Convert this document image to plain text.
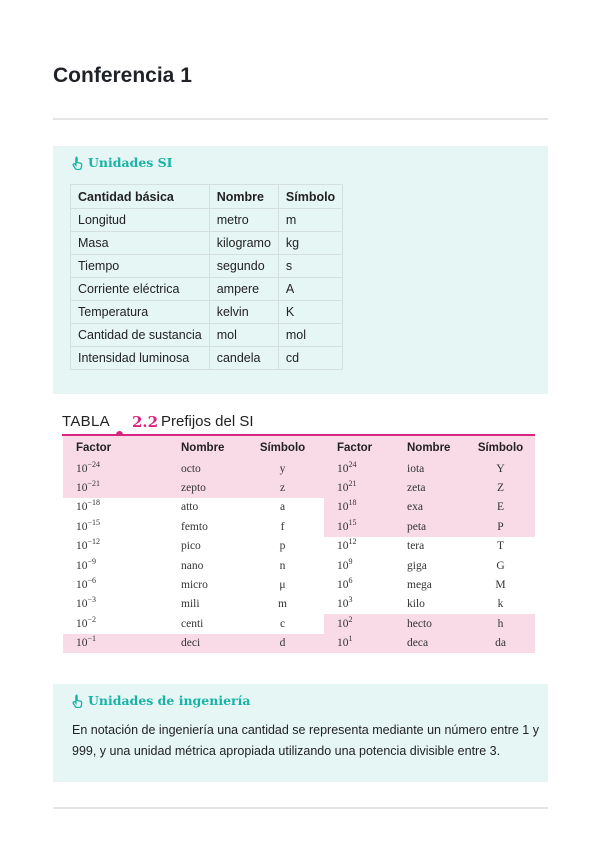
Conferencia 1
Unidades SI
Cantidad básica	Nombre	Símbolo
Longitud	metro	m
Masa	kilogramo	kg
Tiempo	segundo	s
Corriente eléctrica	ampere	A
Temperatura	kelvin	K
Cantidad de sustancia	mol	mol
Intensidad luminosa	candela	cd
TABLA 2.2 Prefijos del SI
Factor	Nombre	Símbolo	Factor	Nombre	Símbolo
$10^{-24}$	octo	y	$10^{24}$	iota	Y
$10^{-21}$	zepto	z	$10^{21}$	zeta	Z
$10^{-18}$	atto	a	$10^{18}$	exa	E
$10^{-15}$	femto	f	$10^{15}$	peta	P
$10^{-12}$	pico	p	$10^{12}$	tera	T
$10^{-9}$	nano	n	$10^9$	giga	G
$10^{-6}$	micro	μ	$10^6$	mega	M
$10^{-3}$	mili	m	$10^3$	kilo	k
$10^{-2}$	centi	c	$10^2$	hecto	h
$10^{-1}$	deci	d	$10^1$	deca	da
Unidades de ingeniería
En notación de ingeniería una cantidad se representa mediante un número entre 1 y 999, y una unidad métrica apropiada utilizando una potencia divisible entre 3.
